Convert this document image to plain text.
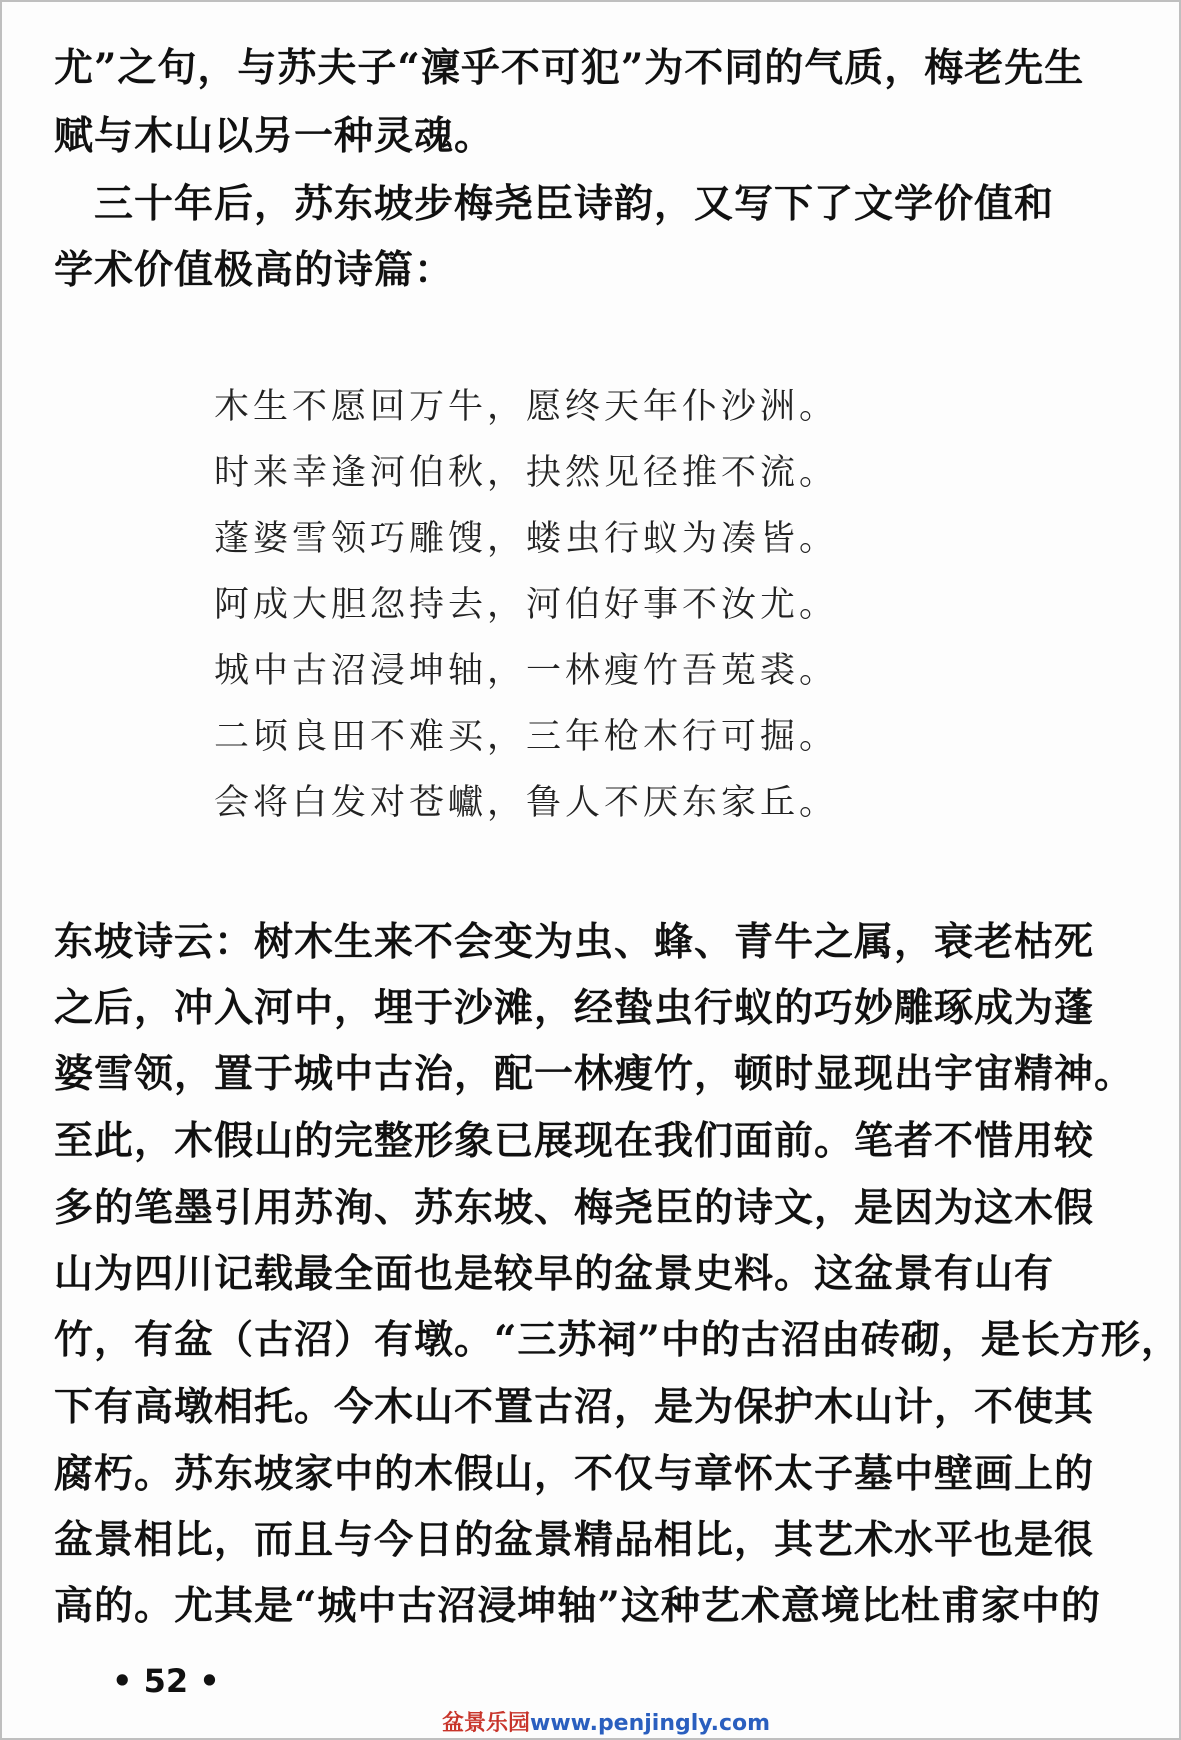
尤”之句，与苏夫子“澟乎不可犯”为不同的气质，梅老先生
赋与木山以另一种灵魂。
　三十年后，苏东坡步梅尧臣诗韵，又写下了文学价值和
学术价值极高的诗篇：
木生不愿回万牛，愿终天年仆沙洲。
时来幸逢河伯秋，抉然见径推不流。
蓬婆雪领巧雕馊，蝼虫行蚁为凑皆。
阿成大胆忽持去，河伯好事不汝尤。
城中古沼浸坤轴，一林瘦竹吾莵裘。
二顷良田不难买，三年枪木行可掘。
会将白发对苍巘，鲁人不厌东家丘。
东坡诗云：树木生来不会变为虫、蜂、青牛之属，衰老枯死
之后，冲入河中，埋于沙滩，经蛰虫行蚁的巧妙雕琢成为蓬
婆雪领，置于城中古治，配一林瘦竹，顿时显现出宇宙精神。
至此，木假山的完整形象已展现在我们面前。笔者不惜用较
多的笔墨引用苏洵、苏东坡、梅尧臣的诗文，是因为这木假
山为四川记载最全面也是较早的盆景史料。这盆景有山有
竹，有盆（古沼）有墩。“三苏祠”中的古沼由砖砌，是长方形，
下有高墩相托。今木山不置古沼，是为保护木山计，不使其
腐朽。苏东坡家中的木假山，不仅与章怀太子墓中壁画上的
盆景相比，而且与今日的盆景精品相比，其艺术水平也是很
高的。尤其是“城中古沼浸坤轴”这种艺术意境比杜甫家中的
• 52 •
盆景乐园www.penjingly.com
